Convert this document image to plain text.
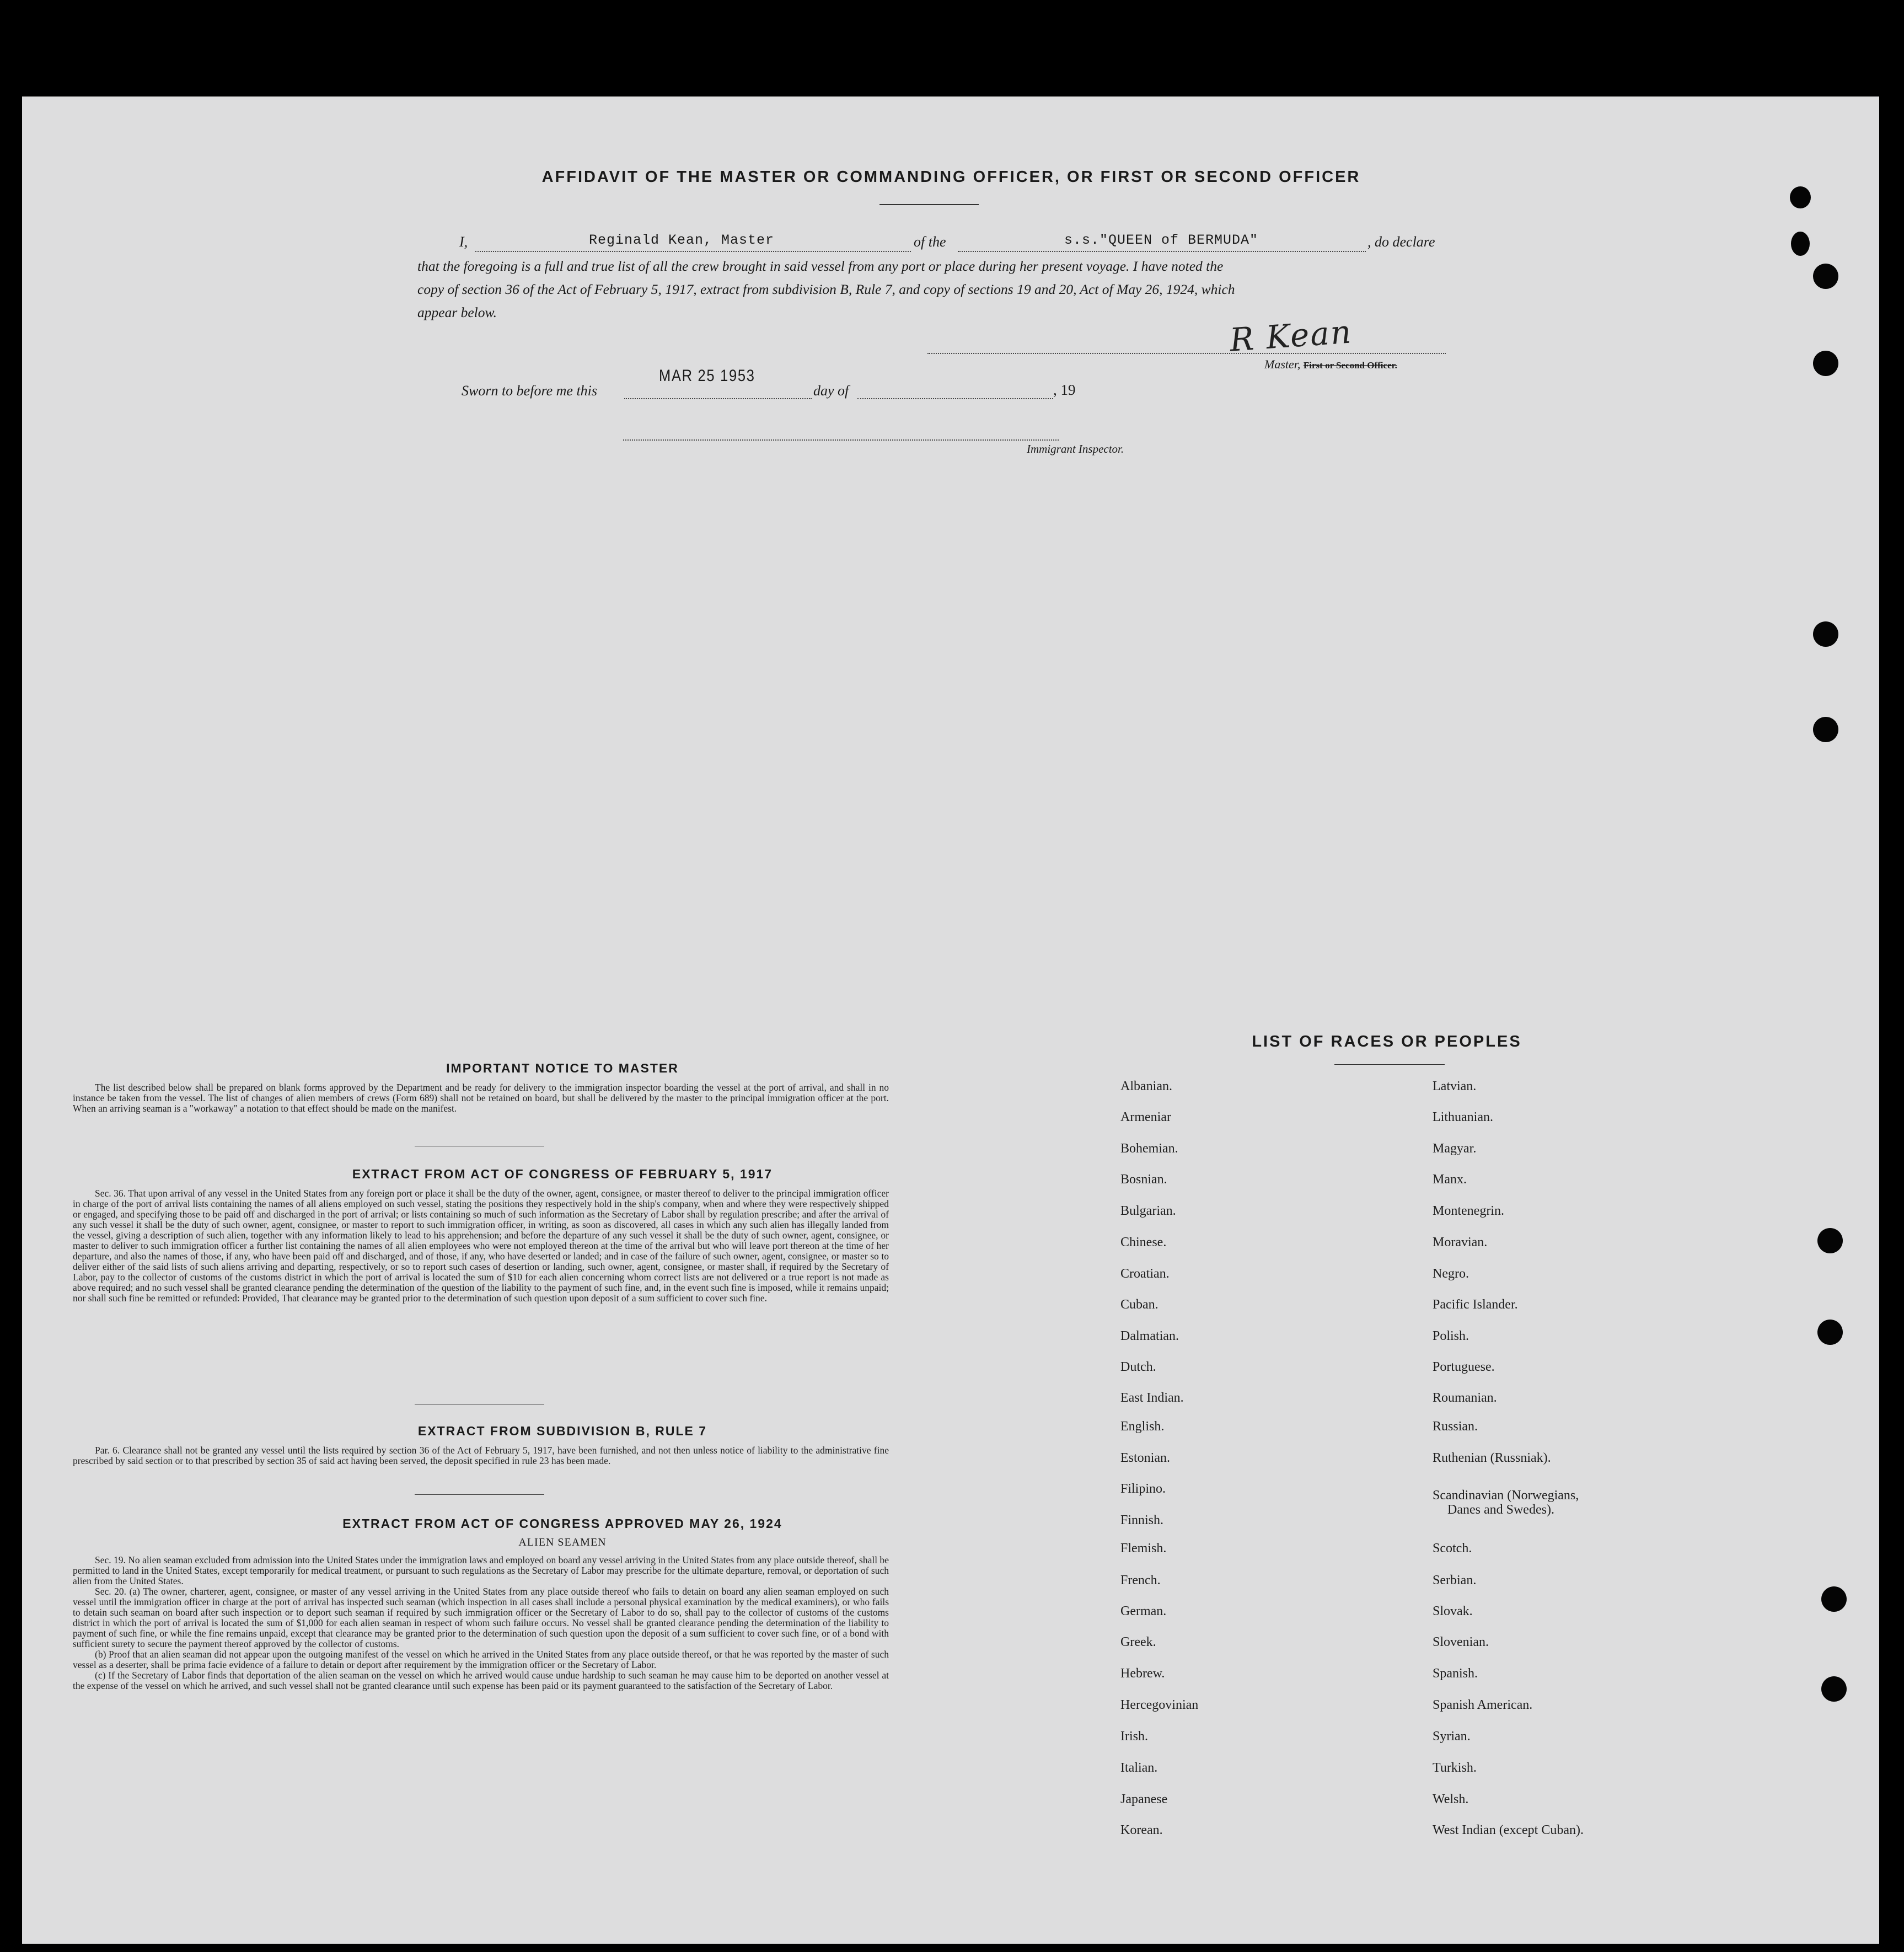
AFFIDAVIT OF THE MASTER OR COMMANDING OFFICER, OR FIRST OR SECOND OFFICER
I,	Reginald Kean, Master	of the	s.s."QUEEN of BERMUDA"	, do declare
that the foregoing is a full and true list of all the crew brought in said vessel from any port or place during her present voyage. I have noted the
copy of section 36 of the Act of February 5, 1917, extract from subdivision B, Rule 7, and copy of sections 19 and 20, Act of May 26, 1924, which
appear below.
R Kean
Master, First or Second Officer.
Sworn to before me this
MAR 25 1953
day of	, 19
Immigrant Inspector.
IMPORTANT NOTICE TO MASTER

The list described below shall be prepared on blank forms approved by the Department and be ready for delivery to the immigration inspector boarding the vessel at the port of arrival, and shall in no instance be taken from the vessel. The list of changes of alien members of crews (Form 689) shall not be retained on board, but shall be delivered by the master to the principal immigration officer at the port. When an arriving seaman is a "workaway" a notation to that effect should be made on the manifest.

EXTRACT FROM ACT OF CONGRESS OF FEBRUARY 5, 1917

Sec. 36. That upon arrival of any vessel in the United States from any foreign port or place it shall be the duty of the owner, agent, consignee, or master thereof to deliver to the principal immigration officer in charge of the port of arrival lists containing the names of all aliens employed on such vessel, stating the positions they respectively hold in the ship's company, when and where they were respectively shipped or engaged, and specifying those to be paid off and discharged in the port of arrival; or lists containing so much of such information as the Secretary of Labor shall by regulation prescribe; and after the arrival of any such vessel it shall be the duty of such owner, agent, consignee, or master to report to such immigration officer, in writing, as soon as discovered, all cases in which any such alien has illegally landed from the vessel, giving a description of such alien, together with any information likely to lead to his apprehension; and before the departure of any such vessel it shall be the duty of such owner, agent, consignee, or master to deliver to such immigration officer a further list containing the names of all alien employees who were not employed thereon at the time of the arrival but who will leave port thereon at the time of her departure, and also the names of those, if any, who have been paid off and discharged, and of those, if any, who have deserted or landed; and in case of the failure of such owner, agent, consignee, or master so to deliver either of the said lists of such aliens arriving and departing, respectively, or so to report such cases of desertion or landing, such owner, agent, consignee, or master shall, if required by the Secretary of Labor, pay to the collector of customs of the customs district in which the port of arrival is located the sum of $10 for each alien concerning whom correct lists are not delivered or a true report is not made as above required; and no such vessel shall be granted clearance pending the determination of the question of the liability to the payment of such fine, and, in the event such fine is imposed, while it remains unpaid; nor shall such fine be remitted or refunded: Provided, That clearance may be granted prior to the determination of such question upon deposit of a sum sufficient to cover such fine.

EXTRACT FROM SUBDIVISION B, RULE 7

Par. 6. Clearance shall not be granted any vessel until the lists required by section 36 of the Act of February 5, 1917, have been furnished, and not then unless notice of liability to the administrative fine prescribed by said section or to that prescribed by section 35 of said act having been served, the deposit specified in rule 23 has been made.

EXTRACT FROM ACT OF CONGRESS APPROVED MAY 26, 1924
ALIEN SEAMEN

Sec. 19. No alien seaman excluded from admission into the United States under the immigration laws and employed on board any vessel arriving in the United States from any place outside thereof, shall be permitted to land in the United States, except temporarily for medical treatment, or pursuant to such regulations as the Secretary of Labor may prescribe for the ultimate departure, removal, or deportation of such alien from the United States.

Sec. 20. (a) The owner, charterer, agent, consignee, or master of any vessel arriving in the United States from any place outside thereof who fails to detain on board any alien seaman employed on such vessel until the immigration officer in charge at the port of arrival has inspected such seaman (which inspection in all cases shall include a personal physical examination by the medical examiners), or who fails to detain such seaman on board after such inspection or to deport such seaman if required by such immigration officer or the Secretary of Labor to do so, shall pay to the collector of customs of the customs district in which the port of arrival is located the sum of $1,000 for each alien seaman in respect of whom such failure occurs. No vessel shall be granted clearance pending the determination of the liability to payment of such fine, or while the fine remains unpaid, except that clearance may be granted prior to the determination of such question upon the deposit of a sum sufficient to cover such fine, or of a bond with sufficient surety to secure the payment thereof approved by the collector of customs.

(b) Proof that an alien seaman did not appear upon the outgoing manifest of the vessel on which he arrived in the United States from any place outside thereof, or that he was reported by the master of such vessel as a deserter, shall be prima facie evidence of a failure to detain or deport after requirement by the immigration officer or the Secretary of Labor.

(c) If the Secretary of Labor finds that deportation of the alien seaman on the vessel on which he arrived would cause undue hardship to such seaman he may cause him to be deported on another vessel at the expense of the vessel on which he arrived, and such vessel shall not be granted clearance until such expense has been paid or its payment guaranteed to the satisfaction of the Secretary of Labor.

LIST OF RACES OR PEOPLES
Albanian.
Armeniar
Bohemian.
Bosnian.
Bulgarian.
Chinese.
Croatian.
Cuban.
Dalmatian.
Dutch.
East Indian.
English.
Estonian.
Filipino.
Finnish.
Flemish.
French.
German.
Greek.
Hebrew.
Hercegovinian
Irish.
Italian.
Japanese
Korean.
Latvian.
Lithuanian.
Magyar.
Manx.
Montenegrin.
Moravian.
Negro.
Pacific Islander.
Polish.
Portuguese.
Roumanian.
Russian.
Ruthenian (Russniak).
Scandinavian (Norwegians,
Danes and Swedes).
Scotch.
Serbian.
Slovak.
Slovenian.
Spanish.
Spanish American.
Syrian.
Turkish.
Welsh.
West Indian (except Cuban).
